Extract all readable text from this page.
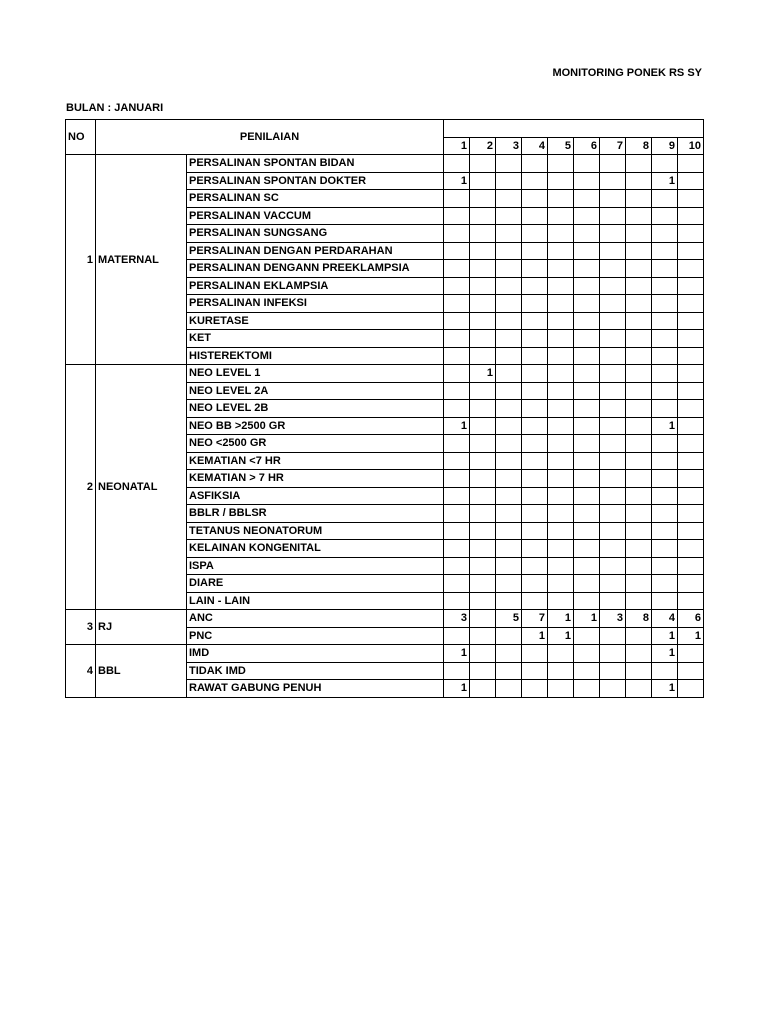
MONITORING PONEK RS SY
BULAN : JANUARI
NO	PENILAIAN											
			1	2	3	4	5	6	7	8	9	10
1	MATERNAL	PERSALINAN SPONTAN BIDAN										
		PERSALINAN SPONTAN DOKTER	1								1	
		PERSALINAN SC										
		PERSALINAN VACCUM										
		PERSALINAN SUNGSANG										
		PERSALINAN DENGAN PERDARAHAN										
		PERSALINAN DENGANN PREEKLAMPSIA										
		PERSALINAN EKLAMPSIA										
		PERSALINAN INFEKSI										
		KURETASE										
		KET										
		HISTEREKTOMI										
2	NEONATAL	NEO LEVEL 1		1								
		NEO LEVEL 2A										
		NEO LEVEL 2B										
		NEO BB >2500 GR	1								1	
		NEO <2500 GR										
		KEMATIAN <7 HR										
		KEMATIAN > 7 HR										
		ASFIKSIA										
		BBLR / BBLSR										
		TETANUS NEONATORUM										
		KELAINAN KONGENITAL										
		ISPA										
		DIARE										
		LAIN - LAIN										
3	RJ	ANC	3		5	7	1	1	3	8	4	6
		PNC				1	1				1	1
4	BBL	IMD	1								1	
		TIDAK IMD										
		RAWAT GABUNG PENUH	1								1	
